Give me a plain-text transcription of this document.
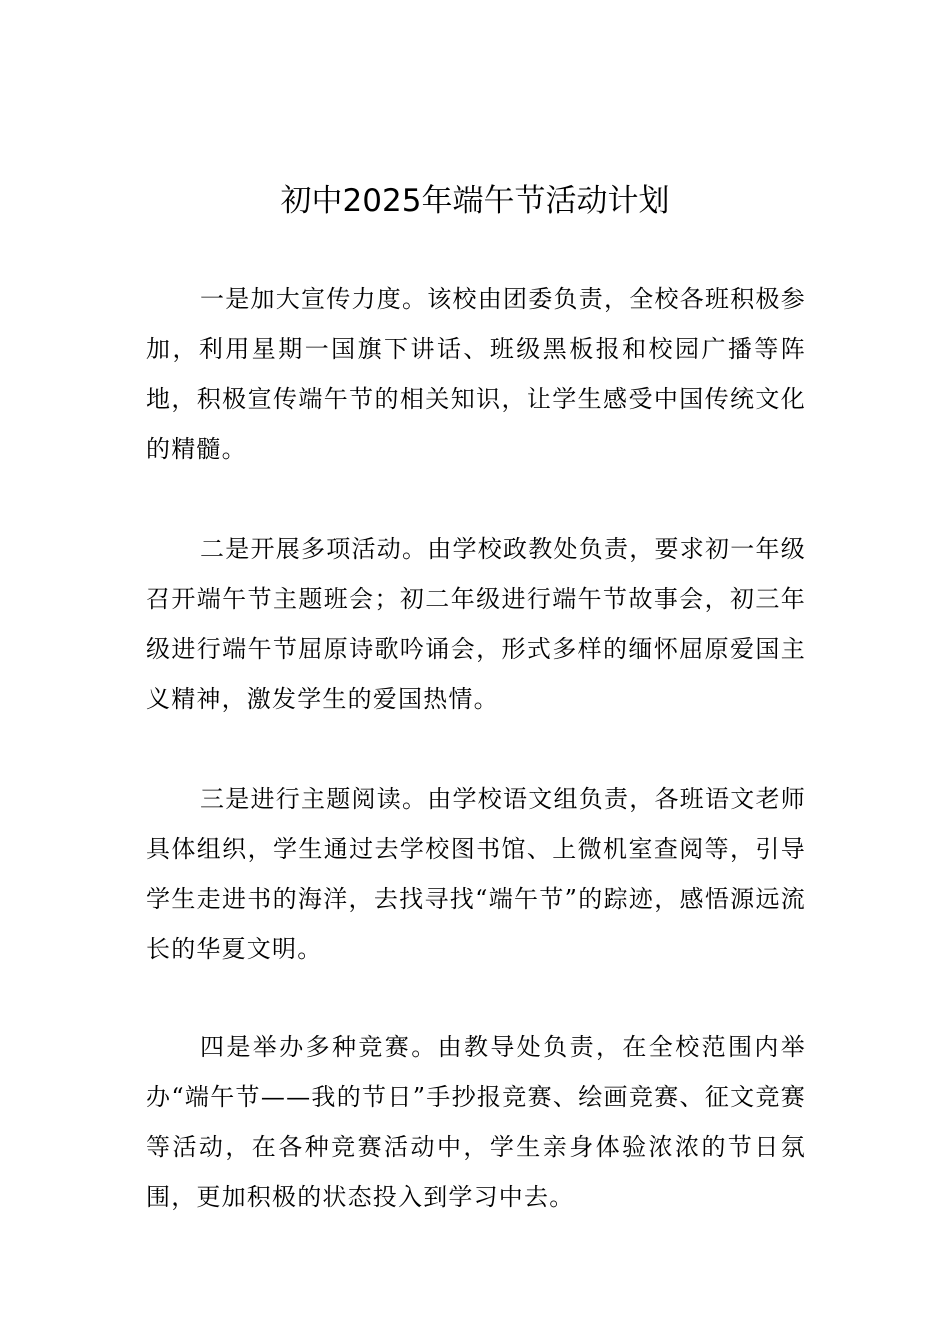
初中2025年端午节活动计划

一是加大宣传力度。该校由团委负责，全校各班积极参加，利用星期一国旗下讲话、班级黑板报和校园广播等阵地，积极宣传端午节的相关知识，让学生感受中国传统文化的精髓。

二是开展多项活动。由学校政教处负责，要求初一年级召开端午节主题班会；初二年级进行端午节故事会，初三年级进行端午节屈原诗歌吟诵会，形式多样的缅怀屈原爱国主义精神，激发学生的爱国热情。

三是进行主题阅读。由学校语文组负责，各班语文老师具体组织，学生通过去学校图书馆、上微机室查阅等，引导学生走进书的海洋，去找寻找“端午节”的踪迹，感悟源远流长的华夏文明。

四是举办多种竞赛。由教导处负责，在全校范围内举办“端午节——我的节日”手抄报竞赛、绘画竞赛、征文竞赛等活动，在各种竞赛活动中，学生亲身体验浓浓的节日氛围，更加积极的状态投入到学习中去。
